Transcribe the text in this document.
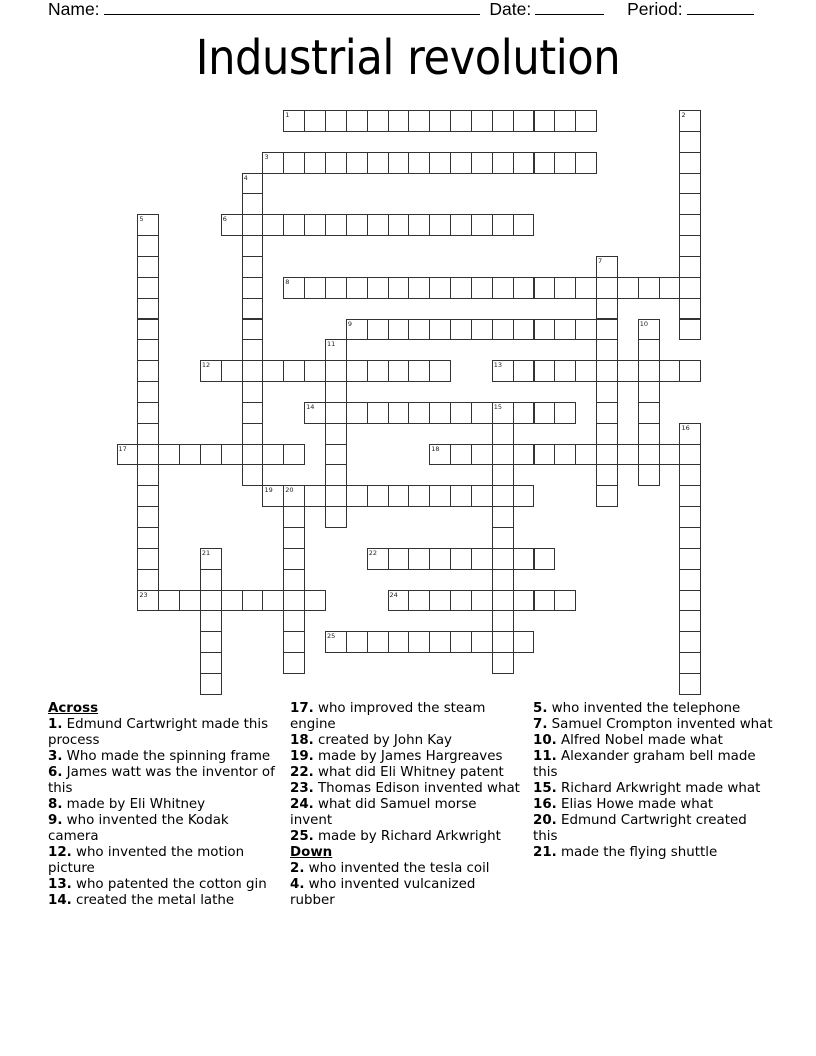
Name:	Date:	Period:
Industrial revolution
1	2
3
4
5
23
6
7
8
9	10
11
12	13
14	15
16
17	18
19 20
21	22
24
25
Across
1. Edmund Cartwright made this process
3. Who made the spinning frame
6. James watt was the inventor of this
8. made by Eli Whitney
9. who invented the Kodak camera
12. who invented the motion picture
13. who patented the cotton gin
14. created the metal lathe
17. who improved the steam engine
18. created by John Kay
19. made by James Hargreaves
22. what did Eli Whitney patent
23. Thomas Edison invented what
24. what did Samuel morse invent
25. made by Richard Arkwright
Down
2. who invented the tesla coil
4. who invented vulcanized rubber
5. who invented the telephone
7. Samuel Crompton invented what
10. Alfred Nobel made what
11. Alexander graham bell made this
15. Richard Arkwright made what
16. Elias Howe made what
20. Edmund Cartwright created this
21. made the flying shuttle
